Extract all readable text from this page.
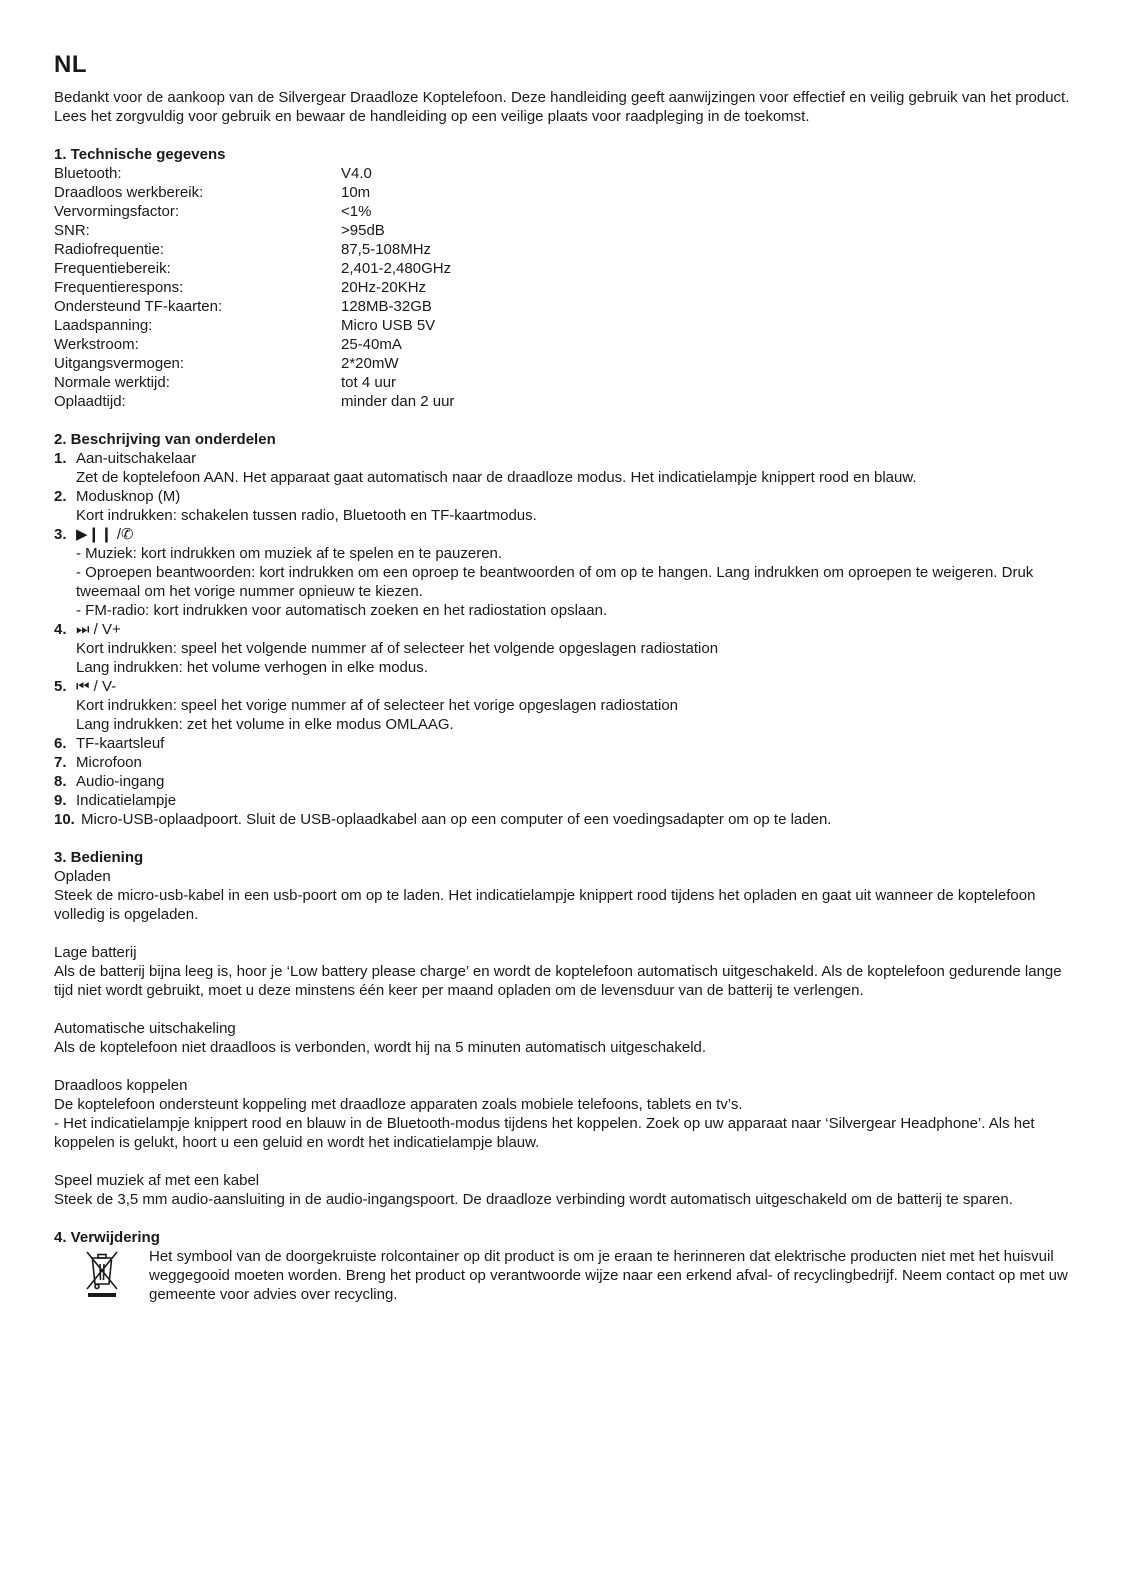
NL

Bedankt voor de aankoop van de Silvergear Draadloze Koptelefoon. Deze handleiding geeft aanwijzingen voor effectief en veilig gebruik van het product. Lees het zorgvuldig voor gebruik en bewaar de handleiding op een veilige plaats voor raadpleging in de toekomst.

1. Technische gegevens
Bluetooth:	V4.0
Draadloos werkbereik:	10m
Vervormingsfactor:	<1%
SNR:	>95dB
Radiofrequentie:	87,5-108MHz
Frequentiebereik:	2,401-2,480GHz
Frequentierespons:	20Hz-20KHz
Ondersteund TF-kaarten:	128MB-32GB
Laadspanning:	Micro USB 5V
Werkstroom:	25-40mA
Uitgangsvermogen:	2*20mW
Normale werktijd:	tot 4 uur
Oplaadtijd:	minder dan 2 uur
2. Beschrijving van onderdelen
1. Aan-uitschakelaar
Zet de koptelefoon AAN. Het apparaat gaat automatisch naar de draadloze modus. Het indicatielampje knippert rood en blauw.
2. Modusknop (M)
Kort indrukken: schakelen tussen radio, Bluetooth en TF-kaartmodus.
3. ▶❙❙ /✆
- Muziek: kort indrukken om muziek af te spelen en te pauzeren.
- Oproepen beantwoorden: kort indrukken om een oproep te beantwoorden of om op te hangen. Lang indrukken om oproepen te weigeren. Druk tweemaal om het vorige nummer opnieuw te kiezen.
- FM-radio: kort indrukken voor automatisch zoeken en het radiostation opslaan.
4. ⏭ / V+
Kort indrukken: speel het volgende nummer af of selecteer het volgende opgeslagen radiostation
Lang indrukken: het volume verhogen in elke modus.
5. ⏮ / V-
Kort indrukken: speel het vorige nummer af of selecteer het vorige opgeslagen radiostation
Lang indrukken: zet het volume in elke modus OMLAAG.
6. TF-kaartsleuf
7. Microfoon
8. Audio-ingang
9. Indicatielampje
10. Micro-USB-oplaadpoort. Sluit de USB-oplaadkabel aan op een computer of een voedingsadapter om op te laden.
3. Bediening

Opladen

Steek de micro-usb-kabel in een usb-poort om op te laden. Het indicatielampje knippert rood tijdens het opladen en gaat uit wanneer de koptelefoon volledig is opgeladen.

Lage batterij

Als de batterij bijna leeg is, hoor je ‘Low battery please charge’ en wordt de koptelefoon automatisch uitgeschakeld. Als de koptelefoon gedurende lange tijd niet wordt gebruikt, moet u deze minstens één keer per maand opladen om de levensduur van de batterij te verlengen.

Automatische uitschakeling

Als de koptelefoon niet draadloos is verbonden, wordt hij na 5 minuten automatisch uitgeschakeld.

Draadloos koppelen

De koptelefoon ondersteunt koppeling met draadloze apparaten zoals mobiele telefoons, tablets en tv’s.

- Het indicatielampje knippert rood en blauw in de Bluetooth-modus tijdens het koppelen. Zoek op uw apparaat naar ‘Silvergear Headphone’. Als het koppelen is gelukt, hoort u een geluid en wordt het indicatielampje blauw.

Speel muziek af met een kabel

Steek de 3,5 mm audio-aansluiting in de audio-ingangspoort. De draadloze verbinding wordt automatisch uitgeschakeld om de batterij te sparen.

4. Verwijdering

Het symbool van de doorgekruiste rolcontainer op dit product is om je eraan te herinneren dat elektrische producten niet met het huisvuil weggegooid moeten worden. Breng het product op verantwoorde wijze naar een erkend afval- of recyclingbedrijf. Neem contact op met uw gemeente voor advies over recycling.
